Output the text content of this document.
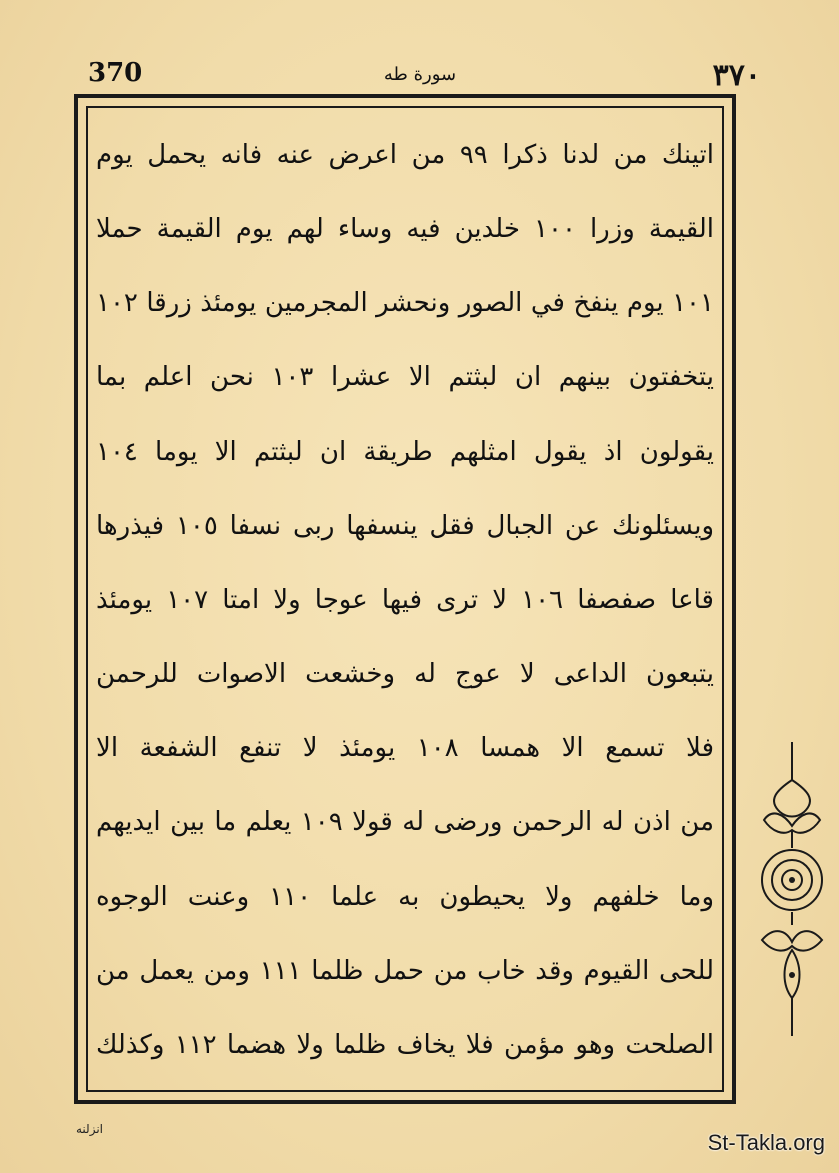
370	سورة طه	٣٧٠
اتينك من لدنا ذكرا ٩٩ من اعرض عنه فانه يحمل يوم
القيمة وزرا ١٠٠ خلدين فيه وساء لهم يوم القيمة حملا
١٠١ يوم ينفخ في الصور ونحشر المجرمين يومئذ زرقا ١٠٢
يتخفتون بينهم ان لبثتم الا عشرا ١٠٣ نحن اعلم بما
يقولون اذ يقول امثلهم طريقة ان لبثتم الا يوما ١٠٤
ويسئلونك عن الجبال فقل ينسفها ربى نسفا ١٠٥ فيذرها
قاعا صفصفا ١٠٦ لا ترى فيها عوجا ولا امتا ١٠٧ يومئذ
يتبعون الداعى لا عوج له وخشعت الاصوات للرحمن
فلا تسمع الا همسا ١٠٨ يومئذ لا تنفع الشفعة الا
من اذن له الرحمن ورضى له قولا ١٠٩ يعلم ما بين ايديهم
وما خلفهم ولا يحيطون به علما ١١٠ وعنت الوجوه
للحى القيوم وقد خاب من حمل ظلما ١١١ ومن يعمل من
الصلحت وهو مؤمن فلا يخاف ظلما ولا هضما ١١٢ وكذلك
انزلنه
St-Takla.org
